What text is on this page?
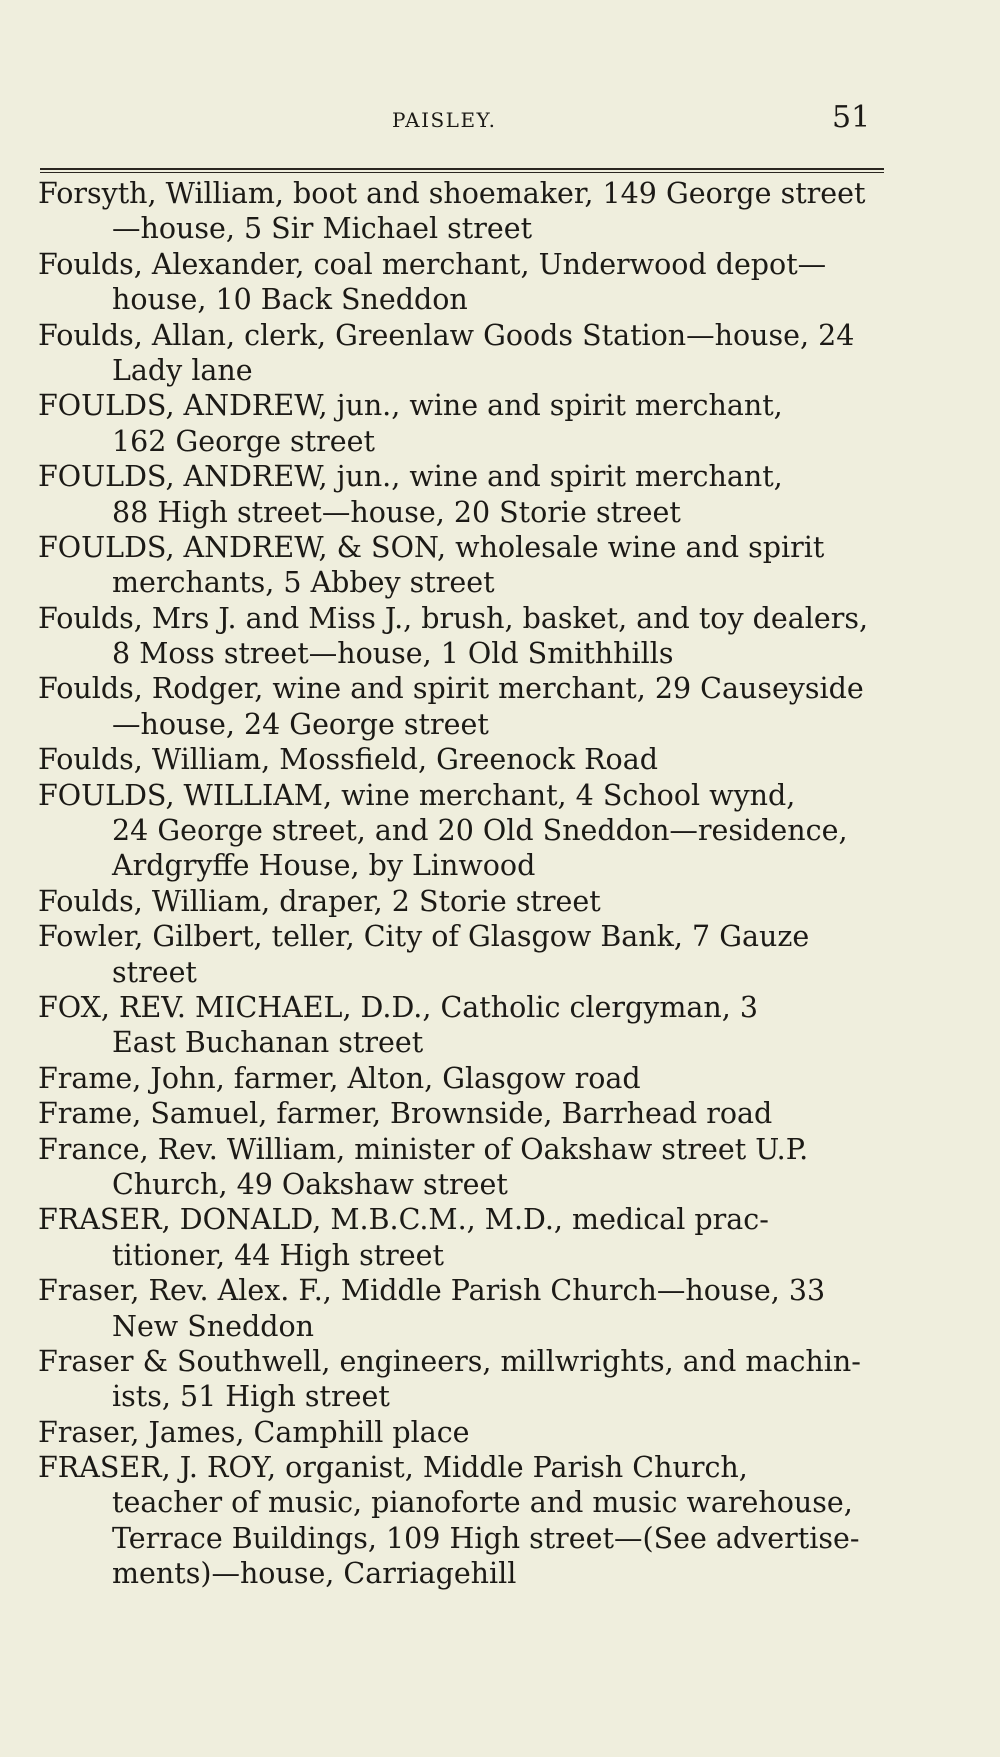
PAISLEY.	51
Forsyth, William, boot and shoemaker, 149 George street
—house, 5 Sir Michael street
Foulds, Alexander, coal merchant, Underwood depot—
house, 10 Back Sneddon
Foulds, Allan, clerk, Greenlaw Goods Station—house, 24
Lady lane
FOULDS, ANDREW, jun., wine and spirit merchant,
162 George street
FOULDS, ANDREW, jun., wine and spirit merchant,
88 High street—house, 20 Storie street
FOULDS, ANDREW, & SON, wholesale wine and spirit
merchants, 5 Abbey street
Foulds, Mrs J. and Miss J., brush, basket, and toy dealers,
8 Moss street—house, 1 Old Smithhills
Foulds, Rodger, wine and spirit merchant, 29 Causeyside
—house, 24 George street
Foulds, William, Mossfield, Greenock Road
FOULDS, WILLIAM, wine merchant, 4 School wynd,
24 George street, and 20 Old Sneddon—residence,
Ardgryffe House, by Linwood
Foulds, William, draper, 2 Storie street
Fowler, Gilbert, teller, City of Glasgow Bank, 7 Gauze
street
FOX, REV. MICHAEL, D.D., Catholic clergyman, 3
East Buchanan street
Frame, John, farmer, Alton, Glasgow road
Frame, Samuel, farmer, Brownside, Barrhead road
France, Rev. William, minister of Oakshaw street U.P.
Church, 49 Oakshaw street
FRASER, DONALD, M.B.C.M., M.D., medical prac-
titioner, 44 High street
Fraser, Rev. Alex. F., Middle Parish Church—house, 33
New Sneddon
Fraser & Southwell, engineers, millwrights, and machin-
ists, 51 High street
Fraser, James, Camphill place
FRASER, J. ROY, organist, Middle Parish Church,
teacher of music, pianoforte and music warehouse,
Terrace Buildings, 109 High street—(See advertise-
ments)—house, Carriagehill
